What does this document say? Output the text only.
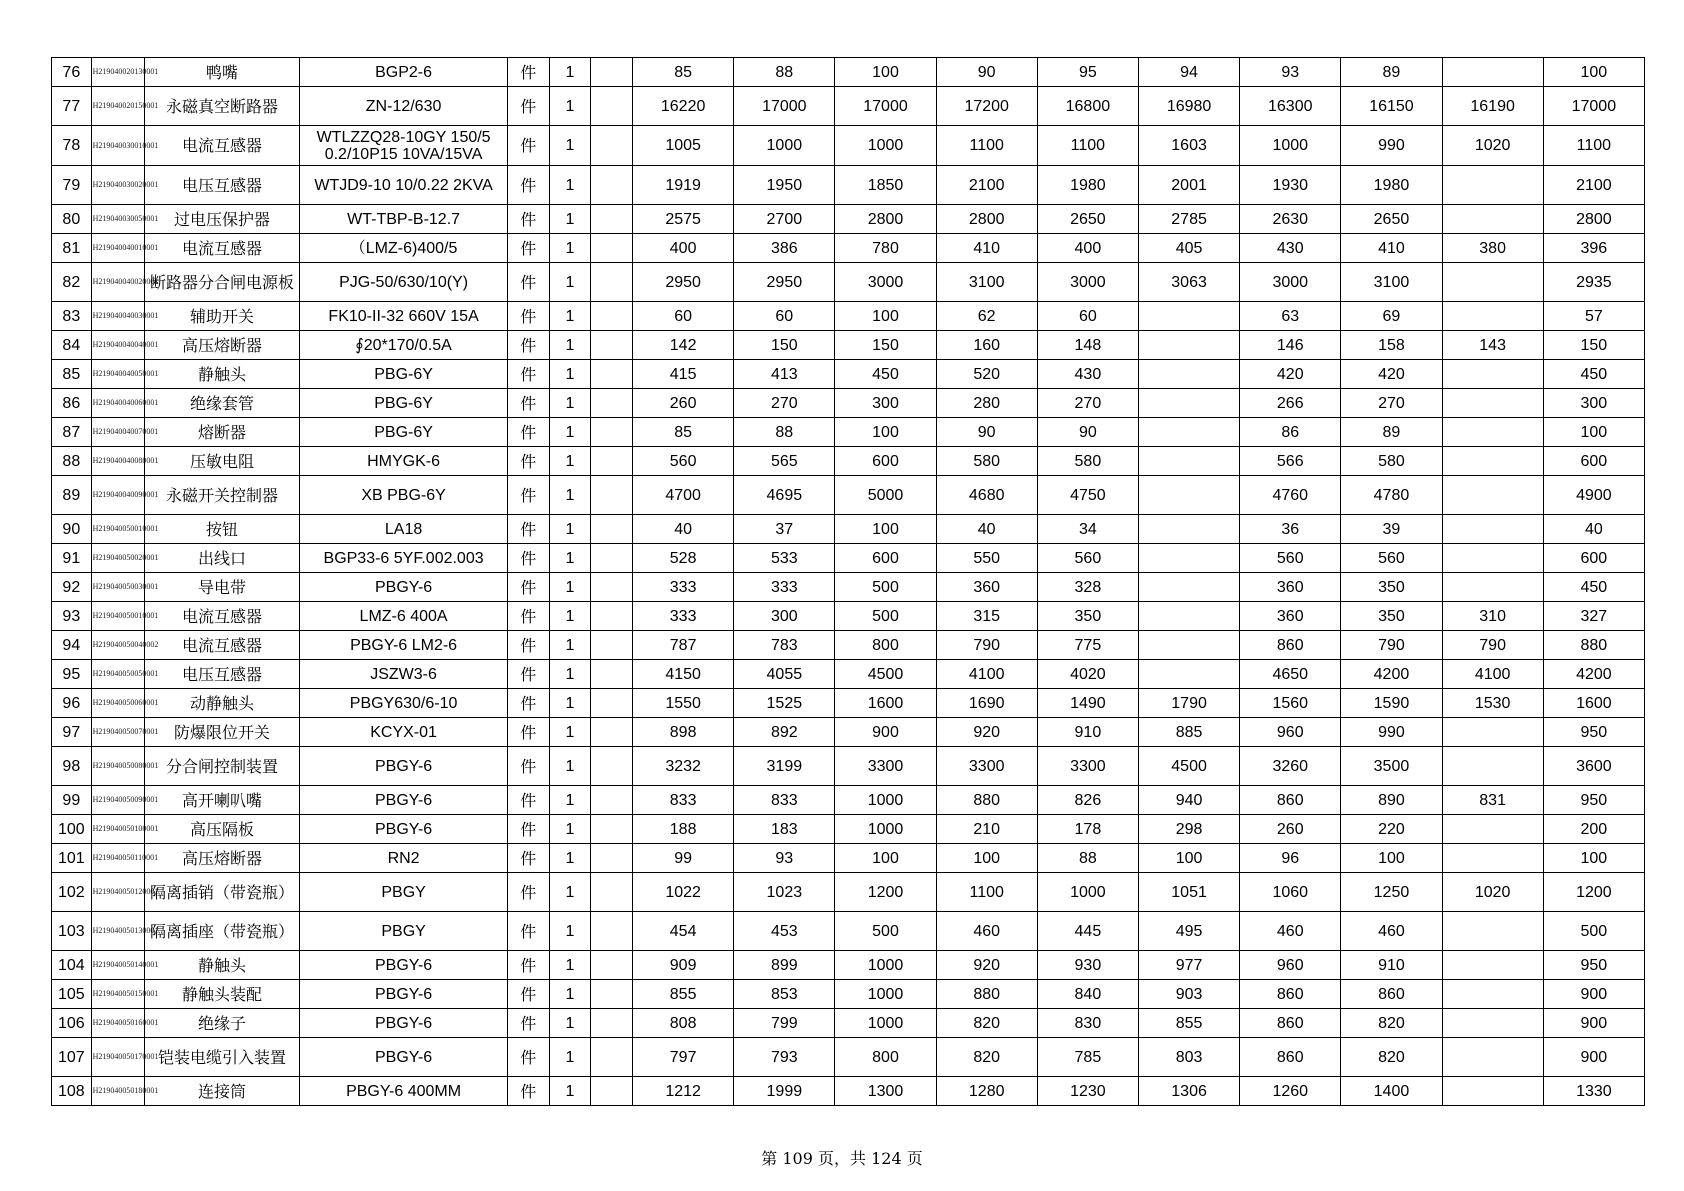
76	H219040020130001	鸭嘴	BGP2-6	件	1		85	88	100	90	95	94	93	89		100
77	H219040020150001	永磁真空断路器	ZN-12/630	件	1		16220	17000	17000	17200	16800	16980	16300	16150	16190	17000
78	H219040030010001	电流互感器	WTLZZQ28-10GY 150/5 0.2/10P15 10VA/15VA	件	1		1005	1000	1000	1100	1100	1603	1000	990	1020	1100
79	H219040030020001	电压互感器	WTJD9-10 10/0.22 2KVA	件	1		1919	1950	1850	2100	1980	2001	1930	1980		2100
80	H219040030050001	过电压保护器	WT-TBP-B-12.7	件	1		2575	2700	2800	2800	2650	2785	2630	2650		2800
81	H219040040010001	电流互感器	（LMZ-6)400/5	件	1		400	386	780	410	400	405	430	410	380	396
82	H219040040020001	断路器分合闸电源板	PJG-50/630/10(Y)	件	1		2950	2950	3000	3100	3000	3063	3000	3100		2935
83	H219040040030001	辅助开关	FK10-II-32 660V 15A	件	1		60	60	100	62	60		63	69		57
84	H219040040040001	高压熔断器	∮20*170/0.5A	件	1		142	150	150	160	148		146	158	143	150
85	H219040040050001	静触头	PBG-6Y	件	1		415	413	450	520	430		420	420		450
86	H219040040060001	绝缘套管	PBG-6Y	件	1		260	270	300	280	270		266	270		300
87	H219040040070001	熔断器	PBG-6Y	件	1		85	88	100	90	90		86	89		100
88	H219040040080001	压敏电阻	HMYGK-6	件	1		560	565	600	580	580		566	580		600
89	H219040040090001	永磁开关控制器	XB PBG-6Y	件	1		4700	4695	5000	4680	4750		4760	4780		4900
90	H219040050010001	按钮	LA18	件	1		40	37	100	40	34		36	39		40
91	H219040050020001	出线口	BGP33-6 5YF.002.003	件	1		528	533	600	550	560		560	560		600
92	H219040050030001	导电带	PBGY-6	件	1		333	333	500	360	328		360	350		450
93	H219040050010001	电流互感器	LMZ-6 400A	件	1		333	300	500	315	350		360	350	310	327
94	H219040050040002	电流互感器	PBGY-6 LM2-6	件	1		787	783	800	790	775		860	790	790	880
95	H219040050050001	电压互感器	JSZW3-6	件	1		4150	4055	4500	4100	4020		4650	4200	4100	4200
96	H219040050060001	动静触头	PBGY630/6-10	件	1		1550	1525	1600	1690	1490	1790	1560	1590	1530	1600
97	H219040050070001	防爆限位开关	KCYX-01	件	1		898	892	900	920	910	885	960	990		950
98	H219040050080001	分合闸控制装置	PBGY-6	件	1		3232	3199	3300	3300	3300	4500	3260	3500		3600
99	H219040050090001	高开喇叭嘴	PBGY-6	件	1		833	833	1000	880	826	940	860	890	831	950
100	H219040050100001	高压隔板	PBGY-6	件	1		188	183	1000	210	178	298	260	220		200
101	H219040050110001	高压熔断器	RN2	件	1		99	93	100	100	88	100	96	100		100
102	H219040050120001	隔离插销（带瓷瓶）	PBGY	件	1		1022	1023	1200	1100	1000	1051	1060	1250	1020	1200
103	H219040050130001	隔离插座（带瓷瓶）	PBGY	件	1		454	453	500	460	445	495	460	460		500
104	H219040050140001	静触头	PBGY-6	件	1		909	899	1000	920	930	977	960	910		950
105	H219040050150001	静触头装配	PBGY-6	件	1		855	853	1000	880	840	903	860	860		900
106	H219040050160001	绝缘子	PBGY-6	件	1		808	799	1000	820	830	855	860	820		900
107	H219040050170001	铠装电缆引入装置	PBGY-6	件	1		797	793	800	820	785	803	860	820		900
108	H219040050180001	连接筒	PBGY-6 400MM	件	1		1212	1999	1300	1280	1230	1306	1260	1400		1330
第 109 页，共 124 页
